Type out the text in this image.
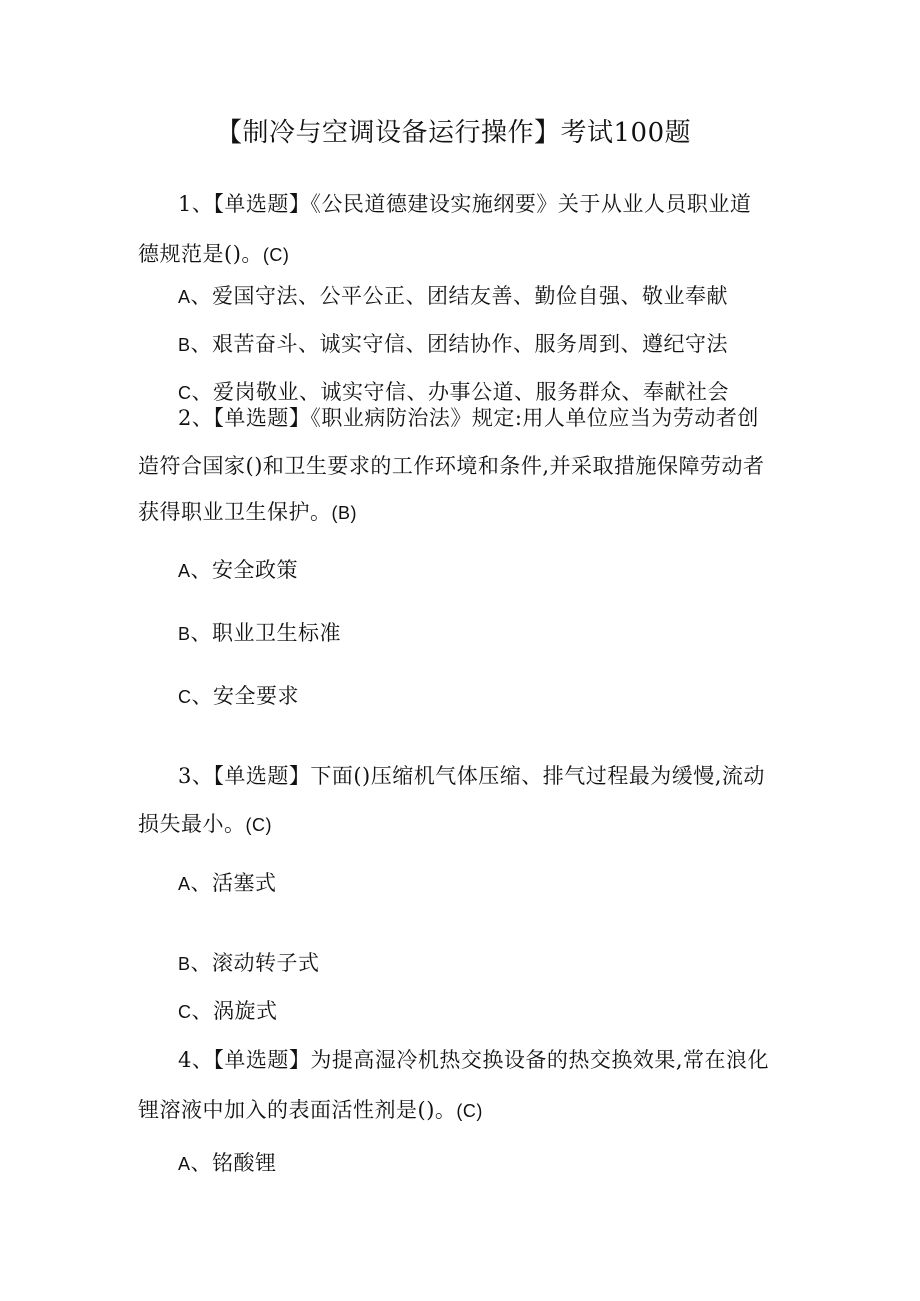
【制冷与空调设备运行操作】考试100题
1、【单选题】《公民道德建设实施纲要》关于从业人员职业道
德规范是()。(C)
A、爱国守法、公平公正、团结友善、勤俭自强、敬业奉献
B、艰苦奋斗、诚实守信、团结协作、服务周到、遵纪守法
C、爱岗敬业、诚实守信、办事公道、服务群众、奉献社会
2、【单选题】《职业病防治法》规定:用人单位应当为劳动者创
造符合国家()和卫生要求的工作环境和条件,并采取措施保障劳动者
获得职业卫生保护。(B)
A、安全政策
B、职业卫生标准
C、安全要求
3、【单选题】下面()压缩机气体压缩、排气过程最为缓慢,流动
损失最小。(C)
A、活塞式
B、滚动转子式
C、涡旋式
4、【单选题】为提高湿冷机热交换设备的热交换效果,常在浪化
锂溶液中加入的表面活性剂是()。(C)
A、铭酸锂
